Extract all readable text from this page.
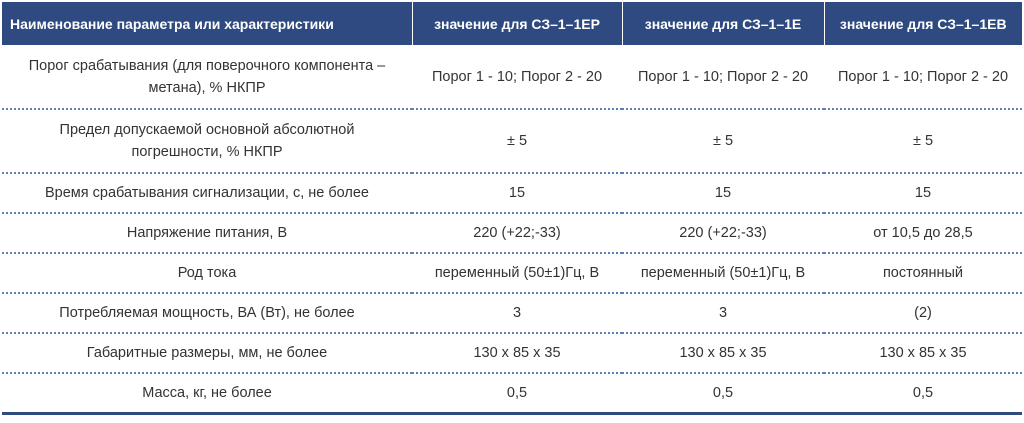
Наименование параметра или характеристики	значение для СЗ–1–1ЕР	значение для СЗ–1–1Е	значение для СЗ–1–1ЕВ
Порог срабатывания (для поверочного компонента – метана), % НКПР	Порог 1 - 10; Порог 2 - 20	Порог 1 - 10; Порог 2 - 20	Порог 1 - 10; Порог 2 - 20
Предел допускаемой основной абсолютной погрешности, % НКПР	± 5	± 5	± 5
Время срабатывания сигнализации, с, не более	15	15	15
Напряжение питания, В	220 (+22;-33)	220 (+22;-33)	от 10,5 до 28,5
Род тока	переменный (50±1)Гц, В	переменный (50±1)Гц, В	постоянный
Потребляемая мощность, ВА (Вт), не более	3	3	(2)
Габаритные размеры, мм, не более	130 х 85 х 35	130 х 85 х 35	130 х 85 х 35
Масса, кг, не более	0,5	0,5	0,5
